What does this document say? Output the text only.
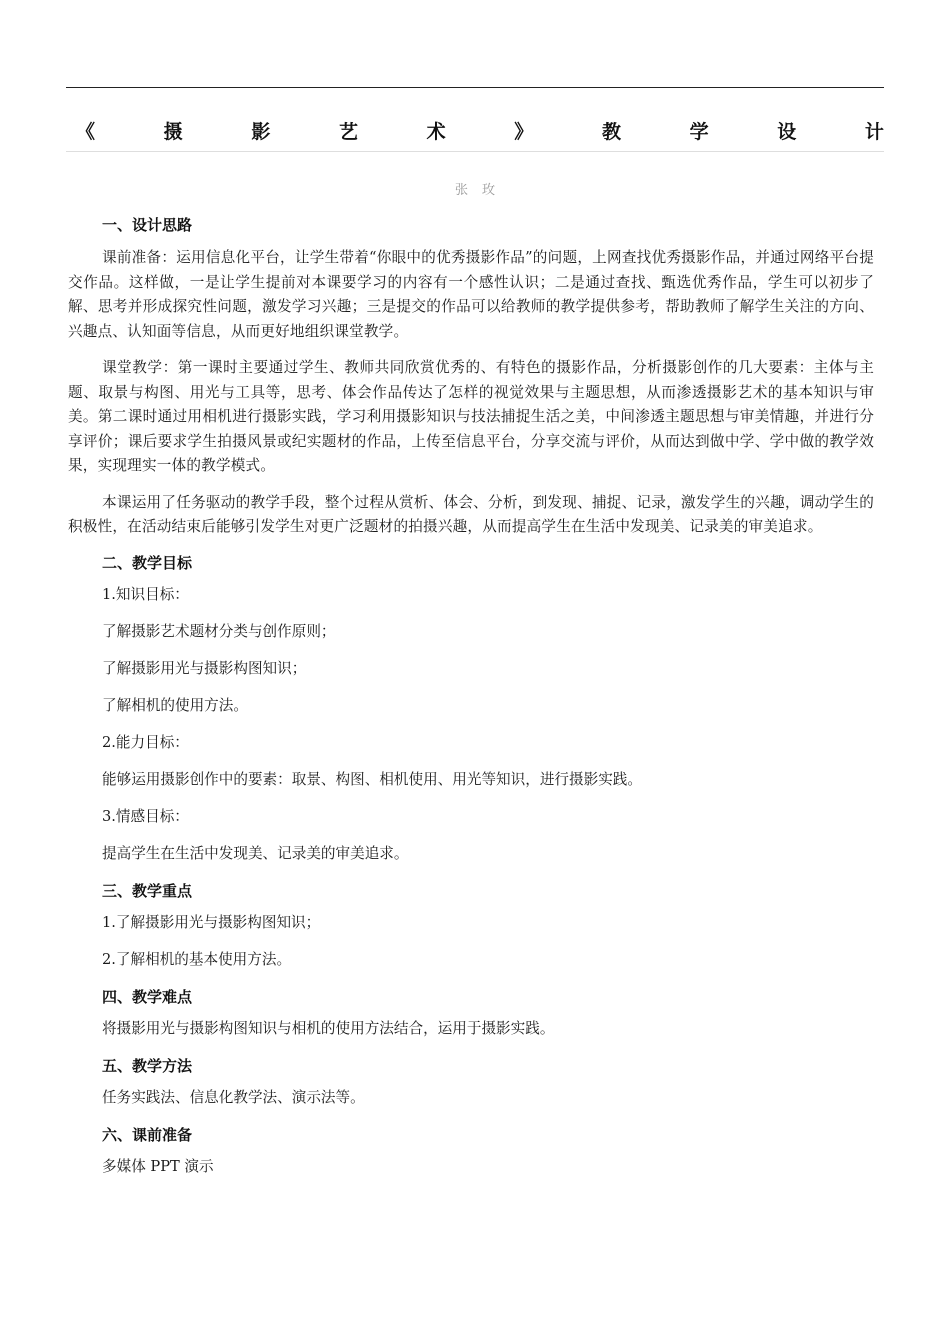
《	摄	影	艺	术	》	教	学	设	计
张玫
一、设计思路

课前准备：运用信息化平台，让学生带着“你眼中的优秀摄影作品”的问题，上网查找优秀摄影作品，并通过网络平台提交作品。这样做，一是让学生提前对本课要学习的内容有一个感性认识；二是通过查找、甄选优秀作品，学生可以初步了解、思考并形成探究性问题，激发学习兴趣；三是提交的作品可以给教师的教学提供参考，帮助教师了解学生关注的方向、兴趣点、认知面等信息，从而更好地组织课堂教学。

课堂教学：第一课时主要通过学生、教师共同欣赏优秀的、有特色的摄影作品，分析摄影创作的几大要素：主体与主题、取景与构图、用光与工具等，思考、体会作品传达了怎样的视觉效果与主题思想，从而渗透摄影艺术的基本知识与审美。第二课时通过用相机进行摄影实践，学习利用摄影知识与技法捕捉生活之美，中间渗透主题思想与审美情趣，并进行分享评价；课后要求学生拍摄风景或纪实题材的作品，上传至信息平台，分享交流与评价，从而达到做中学、学中做的教学效果，实现理实一体的教学模式。

本课运用了任务驱动的教学手段，整个过程从赏析、体会、分析，到发现、捕捉、记录，激发学生的兴趣，调动学生的积极性，在活动结束后能够引发学生对更广泛题材的拍摄兴趣，从而提高学生在生活中发现美、记录美的审美追求。

二、教学目标
1.知识目标：
了解摄影艺术题材分类与创作原则；
了解摄影用光与摄影构图知识；
了解相机的使用方法。
2.能力目标：
能够运用摄影创作中的要素：取景、构图、相机使用、用光等知识，进行摄影实践。
3.情感目标：
提高学生在生活中发现美、记录美的审美追求。
三、教学重点
1.了解摄影用光与摄影构图知识；
2.了解相机的基本使用方法。
四、教学难点
将摄影用光与摄影构图知识与相机的使用方法结合，运用于摄影实践。
五、教学方法
任务实践法、信息化教学法、演示法等。
六、课前准备
多媒体 PPT 演示
